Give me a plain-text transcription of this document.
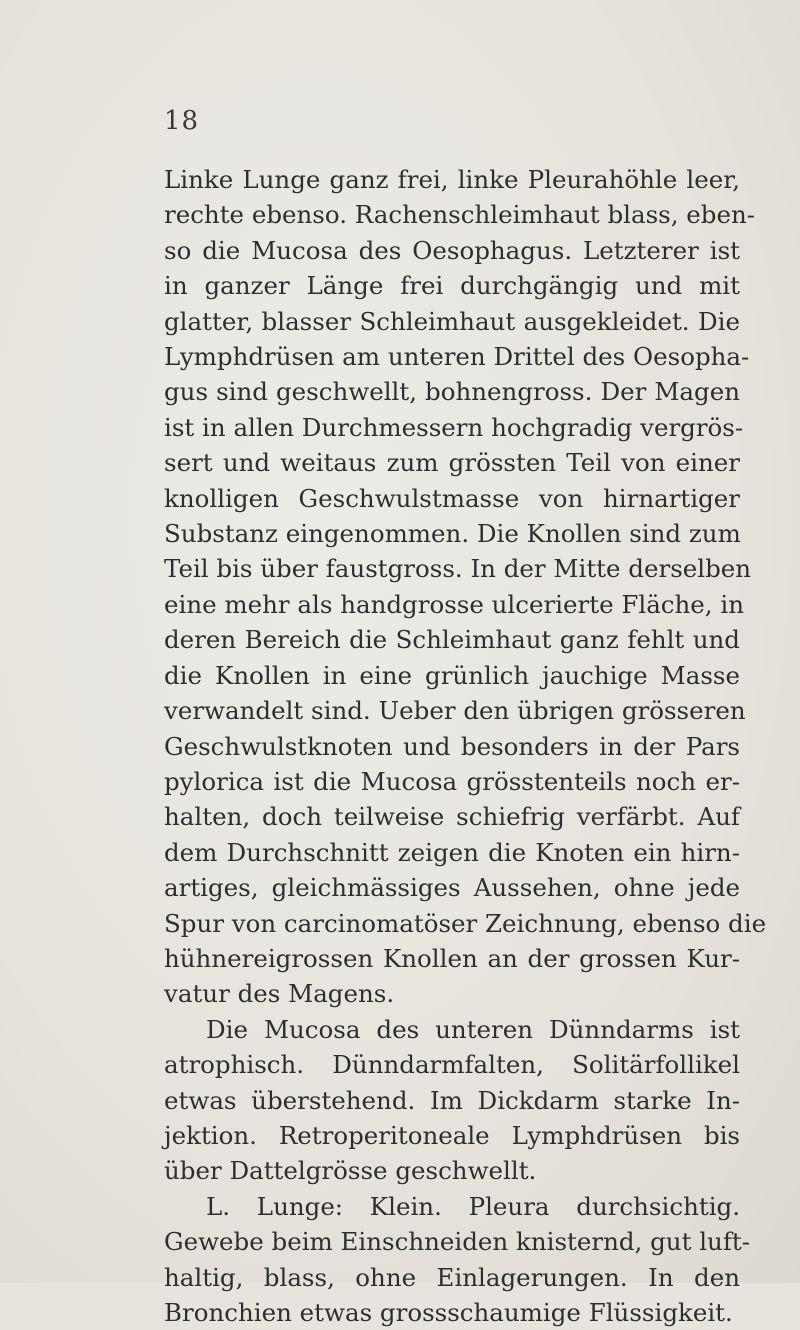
18
Linke Lunge ganz frei, linke Pleurahöhle leer,
rechte ebenso. Rachenschleimhaut blass, eben-
so die Mucosa des Oesophagus. Letzterer ist
in ganzer Länge frei durchgängig und mit
glatter, blasser Schleimhaut ausgekleidet. Die
Lymphdrüsen am unteren Drittel des Oesopha-
gus sind geschwellt, bohnengross. Der Magen
ist in allen Durchmessern hochgradig vergrös-
sert und weitaus zum grössten Teil von einer
knolligen Geschwulstmasse von hirnartiger
Substanz eingenommen. Die Knollen sind zum
Teil bis über faustgross. In der Mitte derselben
eine mehr als handgrosse ulcerierte Fläche, in
deren Bereich die Schleimhaut ganz fehlt und
die Knollen in eine grünlich jauchige Masse
verwandelt sind. Ueber den übrigen grösseren
Geschwulstknoten und besonders in der Pars
pylorica ist die Mucosa grösstenteils noch er-
halten, doch teilweise schiefrig verfärbt. Auf
dem Durchschnitt zeigen die Knoten ein hirn-
artiges, gleichmässiges Aussehen, ohne jede
Spur von carcinomatöser Zeichnung, ebenso die
hühnereigrossen Knollen an der grossen Kur-
vatur des Magens.
Die Mucosa des unteren Dünndarms ist
atrophisch. Dünndarmfalten, Solitärfollikel
etwas überstehend. Im Dickdarm starke In-
jektion. Retroperitoneale Lymphdrüsen bis
über Dattelgrösse geschwellt.
L. Lunge: Klein. Pleura durchsichtig.
Gewebe beim Einschneiden knisternd, gut luft-
haltig, blass, ohne Einlagerungen. In den
Bronchien etwas grossschaumige Flüssigkeit.
